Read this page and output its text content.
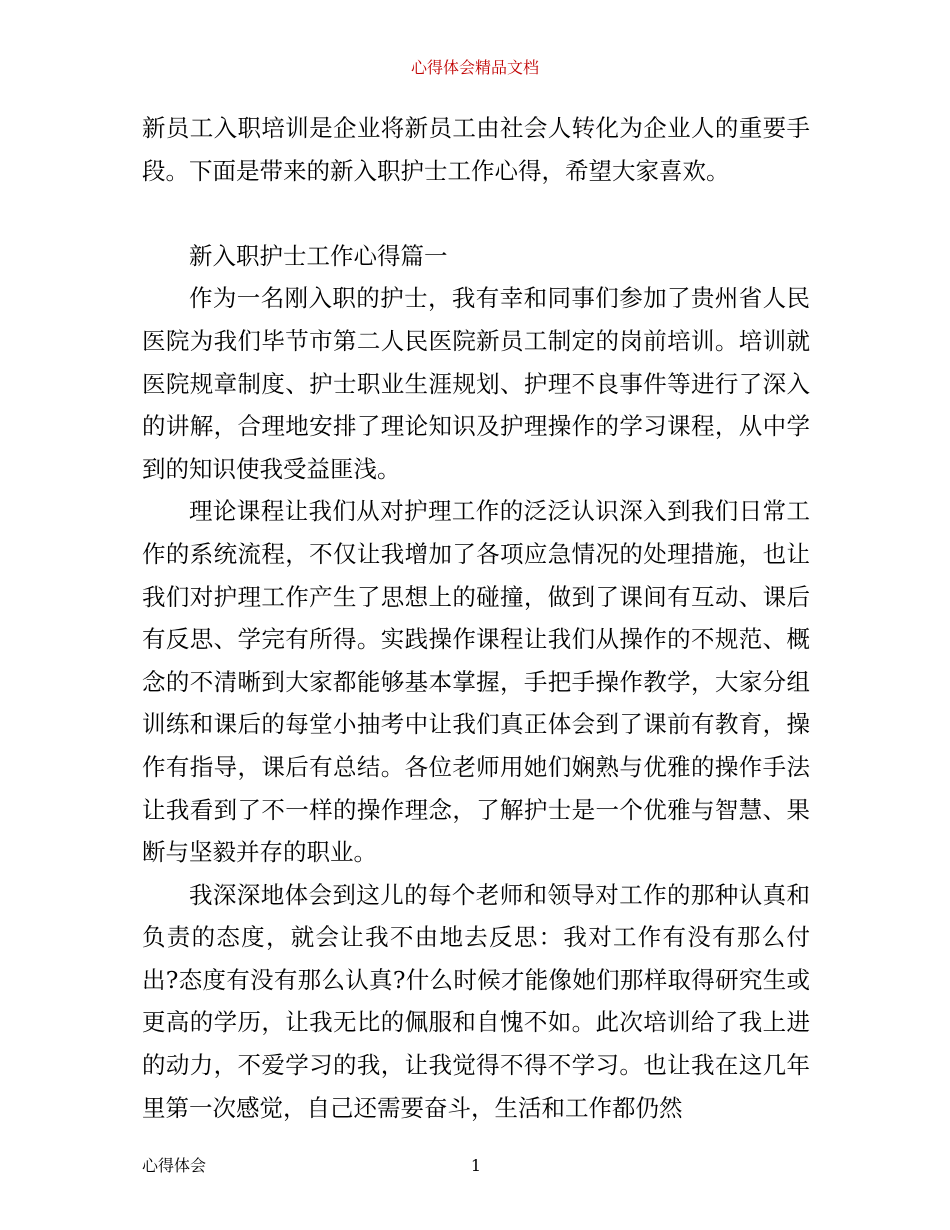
心得体会精品文档

新员工入职培训是企业将新员工由社会人转化为企业人的重要手段。下面是带来的新入职护士工作心得，希望大家喜欢。

新入职护士工作心得篇一

作为一名刚入职的护士，我有幸和同事们参加了贵州省人民医院为我们毕节市第二人民医院新员工制定的岗前培训。培训就医院规章制度、护士职业生涯规划、护理不良事件等进行了深入的讲解，合理地安排了理论知识及护理操作的学习课程，从中学到的知识使我受益匪浅。

理论课程让我们从对护理工作的泛泛认识深入到我们日常工作的系统流程，不仅让我增加了各项应急情况的处理措施，也让我们对护理工作产生了思想上的碰撞，做到了课间有互动、课后有反思、学完有所得。实践操作课程让我们从操作的不规范、概念的不清晰到大家都能够基本掌握，手把手操作教学，大家分组训练和课后的每堂小抽考中让我们真正体会到了课前有教育，操作有指导，课后有总结。各位老师用她们娴熟与优雅的操作手法让我看到了不一样的操作理念，了解护士是一个优雅与智慧、果断与坚毅并存的职业。

我深深地体会到这儿的每个老师和领导对工作的那种认真和负责的态度，就会让我不由地去反思：我对工作有没有那么付出?态度有没有那么认真?什么时候才能像她们那样取得研究生或更高的学历，让我无比的佩服和自愧不如。此次培训给了我上进的动力，不爱学习的我，让我觉得不得不学习。也让我在这几年里第一次感觉，自己还需要奋斗，生活和工作都仍然

心得体会	1
